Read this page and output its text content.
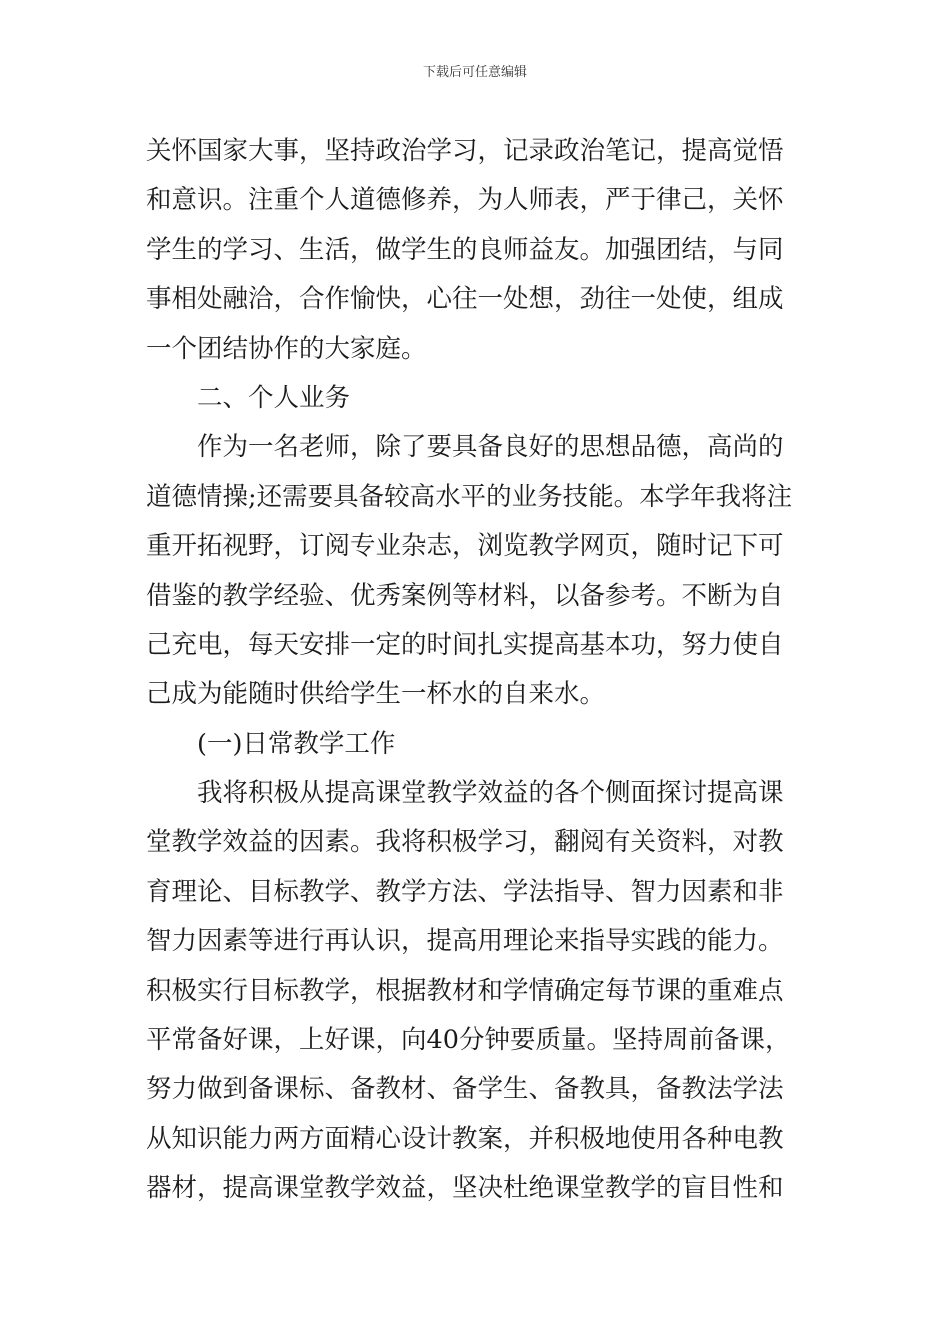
下载后可任意编辑
关怀国家大事，坚持政治学习，记录政治笔记，提高觉悟
和意识。注重个人道德修养，为人师表，严于律己，关怀
学生的学习、生活，做学生的良师益友。加强团结，与同
事相处融洽，合作愉快，心往一处想，劲往一处使，组成
一个团结协作的大家庭。
二、个人业务
作为一名老师，除了要具备良好的思想品德，高尚的
道德情操;还需要具备较高水平的业务技能。本学年我将注
重开拓视野，订阅专业杂志，浏览教学网页，随时记下可
借鉴的教学经验、优秀案例等材料，以备参考。不断为自
己充电，每天安排一定的时间扎实提高基本功，努力使自
己成为能随时供给学生一杯水的自来水。
(一)日常教学工作
我将积极从提高课堂教学效益的各个侧面探讨提高课
堂教学效益的因素。我将积极学习，翻阅有关资料，对教
育理论、目标教学、教学方法、学法指导、智力因素和非
智力因素等进行再认识，提高用理论来指导实践的能力。
积极实行目标教学，根据教材和学情确定每节课的重难点
平常备好课，上好课，向40分钟要质量。坚持周前备课，
努力做到备课标、备教材、备学生、备教具，备教法学法
从知识能力两方面精心设计教案，并积极地使用各种电教
器材，提高课堂教学效益，坚决杜绝课堂教学的盲目性和
